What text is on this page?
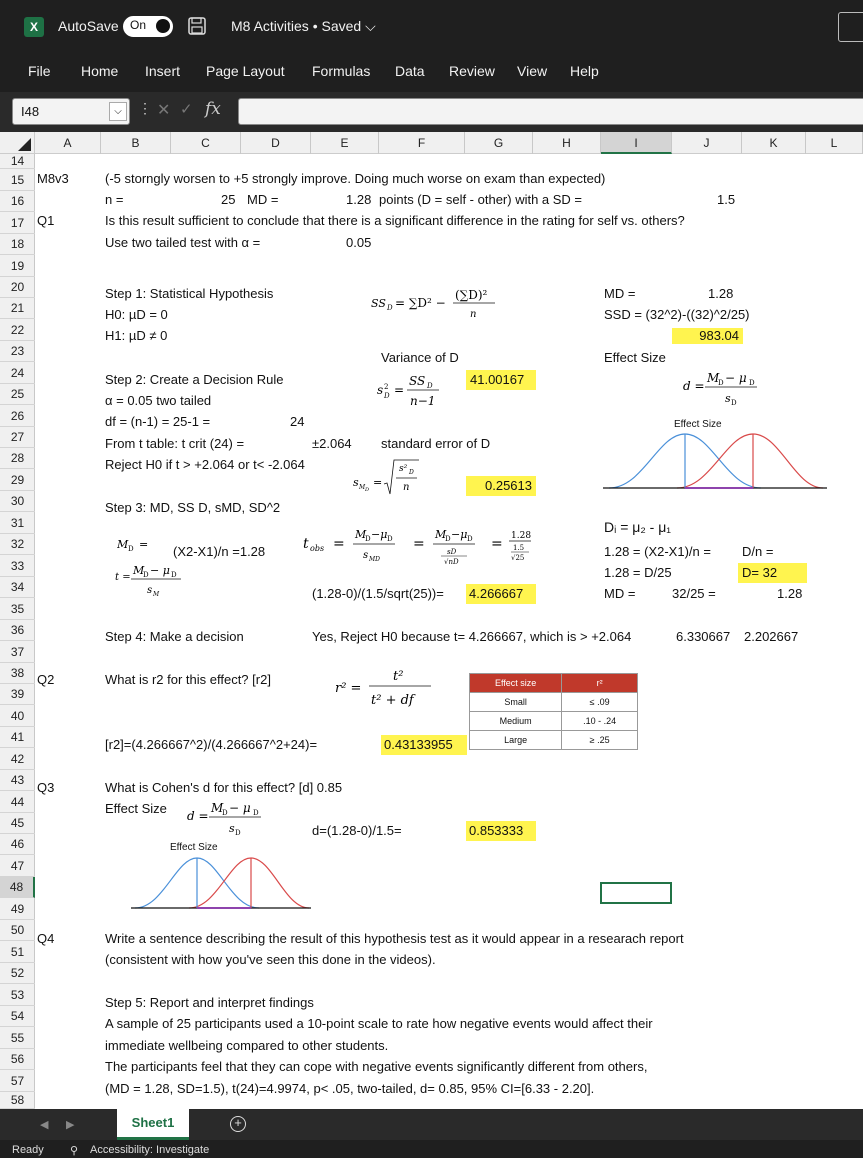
X	AutoSave On	M8 Activities • Saved ⌵
File Home Insert Page Layout Formulas Data Review View Help
I48	⌵	⋮ ✕ ✓ fx
A	B	C	D	E	F	G	H	I	J	K	L
14
15
16
17
18
19
20
21
22
23
24
25
26
27
28
29
30
31
32
33
34
35
36
37
38
39
40
41
42
43
44
45
46
47
48
49
50
51
52
53
54
55
56
57
58
M8v3	(-5 storngly worsen to +5 strongly improve. Doing much worse on exam than expected)
n =	25 MD =	1.28 points (D = self - other) with a SD =	1.5
Q1	Is this result sufficient to conclude that there is a significant difference in the rating for self vs. others?
Use two tailed test with α =	0.05
Step 1: Statistical Hypothesis
H0: µD = 0
H1: µD ≠ 0
SS D = ∑D² −
(∑D)²
n
MD =	1.28
SSD = (32^2)-((32)^2/25)
983.04
Variance of D	Effect Size
s 2
D =
SS D
n−1
d =
M
D − μ D
s D
Step 2: Create a Decision Rule	41.00167
α = 0.05 two tailed
df = (n-1) = 25-1 =	24	Effect Size
From t table: t crit (24) =	±2.064 standard error of D
Reject H0 if t > +2.064 or t< -2.064
s M D
=
s² D
n	0.25613
Step 3: MD, SS D, sMD, SD^2
Dᵢ = μ₂ - μ₁
M D = (X2-X1)/n =1.28	t obs =
M
D −μ D
s MD
=
M
D −μ D
sD
√nD
= 1.28
1.5
√25	1.28 = (X2-X1)/n = D/n =
t =
M
D − μ D
s M
1.28 = D/25	D= 32
(1.28-0)/(1.5/sqrt(25))= 4.266667	MD =	32/25 =	1.28
Step 4: Make a decision	Yes, Reject H0 because t= 4.266667, which is > +2.064	6.330667 2.202667
Q2	What is r2 for this effect? [r2]
r² =
t²
t² + df
Effect size	r²
Small	≤ .09
Medium	.10 - .24
Large	≥ .25
[r2]=(4.266667^2)/(4.266667^2+24)=	0.43133955
Q3	What is Cohen's d for this effect? [d] 0.85
Effect Size d =
M
D − μ D
s D	d=(1.28-0)/1.5=	0.853333
Effect Size
Q4	Write a sentence describing the result of this hypothesis test as it would appear in a researach report
(consistent with how you've seen this done in the videos).
Step 5: Report and interpret findings
A sample of 25 participants used a 10-point scale to rate how negative events would affect their
immediate wellbeing compared to other students.
The participants feel that they can cope with negative events significantly different from others,
(MD = 1.28, SD=1.5), t(24)=4.9974, p< .05, two-tailed, d= 0.85, 95% CI=[6.33 - 2.20].
◀ ▶	Sheet1	+
Ready ⚲ Accessibility: Investigate
